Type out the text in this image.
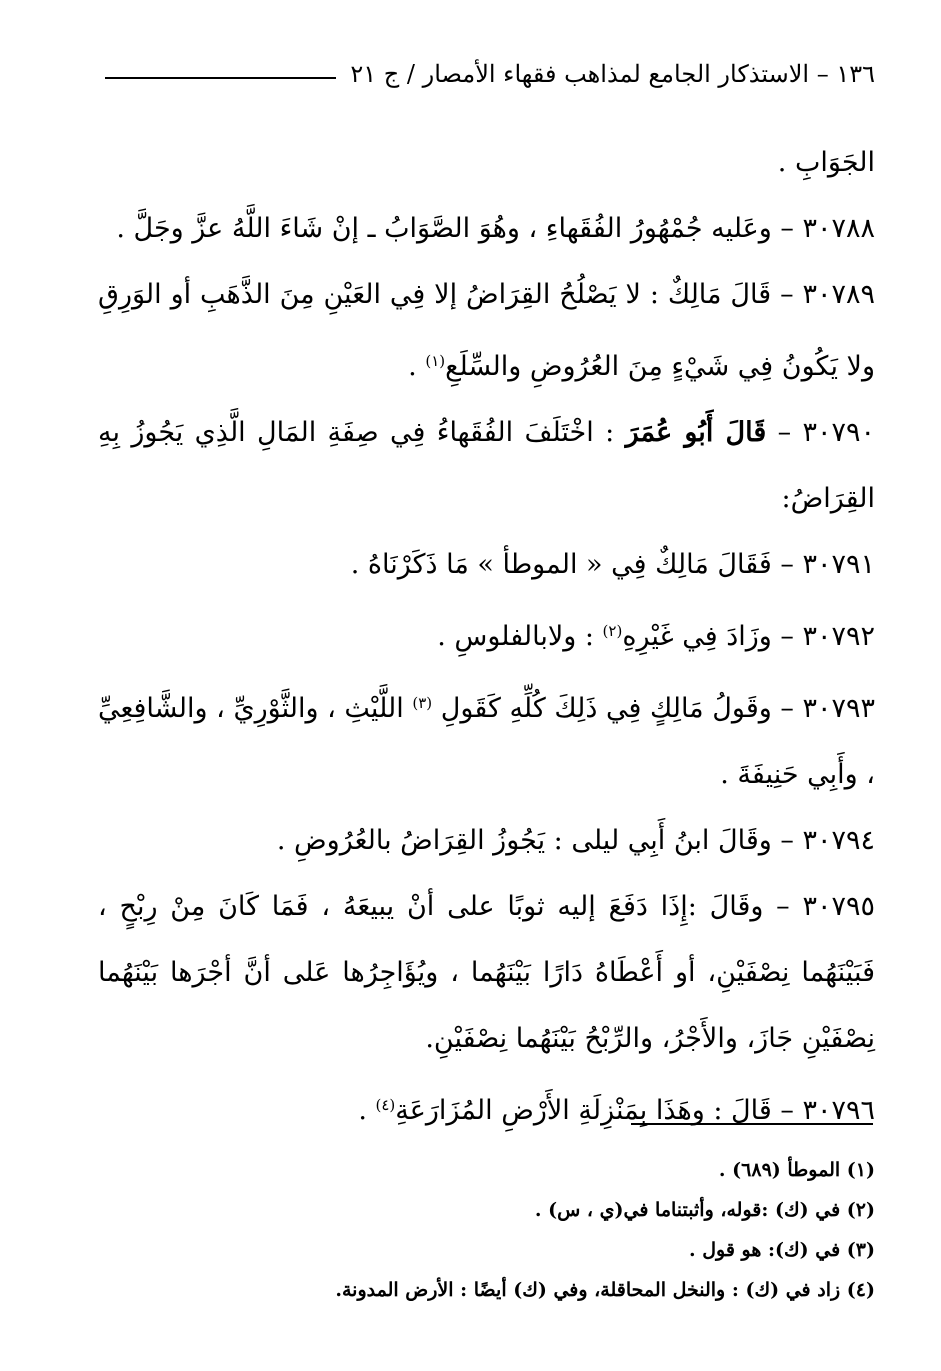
١٣٦ – الاستذكار الجامع لمذاهب فقهاء الأمصار / ج ٢١

الجَوَابِ .

٣٠٧٨٨ – وعَليه جُمْهُورُ الفُقَهاءِ ، وهُوَ الصَّوَابُ ـ إنْ شَاءَ اللَّهُ عزَّ وجَلَّ .

٣٠٧٨٩ – قَالَ مَالِكٌ : لا يَصْلُحُ القِرَاضُ إلا فِي العَيْنِ مِنَ الذَّهَبِ أو الوَرِقِ ولا يَكُونُ فِي شَيْءٍ مِنَ العُرُوضِ والسِّلَعِ$^{(١)}$ .

٣٠٧٩٠ – قَالَ أَبُو عُمَرَ : اخْتَلَفَ الفُقَهاءُ فِي صِفَةِ المَالِ الَّذِي يَجُوزُ بِهِ القِرَاضُ:

٣٠٧٩١ – فَقَالَ مَالِكٌ فِي « الموطأ » مَا ذَكَرْنَاهُ .

٣٠٧٩٢ – وزَادَ فِي غَيْرِهِ$^{(٢)}$ : ولابالفلوسِ .

٣٠٧٩٣ – وقَولُ مَالِكٍ فِي ذَلِكَ كُلِّهِ كَقَولِ $^{(٣)}$ اللَّيْثِ ، والثَّوْرِيِّ ، والشَّافِعِيِّ ، وأَبِي حَنِيفَةَ .

٣٠٧٩٤ – وقَالَ ابنُ أَبِي ليلى : يَجُوزُ القِرَاضُ بالعُرُوضِ .

٣٠٧٩٥ – وقَالَ :إِذَا دَفَعَ إليه ثوبًا على أنْ يبيعَهُ ، فَمَا كَانَ مِنْ رِبْحٍ ، فَبَيْنَهُما نِصْفَيْنِ، أو أَعْطَاهُ دَارًا بَيْنَهُما ، ويُؤَاجِرُها عَلى أنَّ أجْرَها بَيْنَهُما نِصْفَيْنِ جَازَ، والأَجْرُ، والرِّبْحُ بَيْنَهُما نِصْفَيْنِ.

٣٠٧٩٦ – قَالَ : وهَذَا بِمَنْزِلَةِ الأَرْضِ المُزَارَعَةِ$^{(٤)}$ .

(١) الموطأ (٦٨٩) .

(٢) في (ك) :قوله، وأثبتناما في(ي ، س) .

(٣) في (ك): هو قول .

(٤) زاد في (ك) : والنخل المحاقلة، وفي (ك) أيضًا : الأرض المدونة.
